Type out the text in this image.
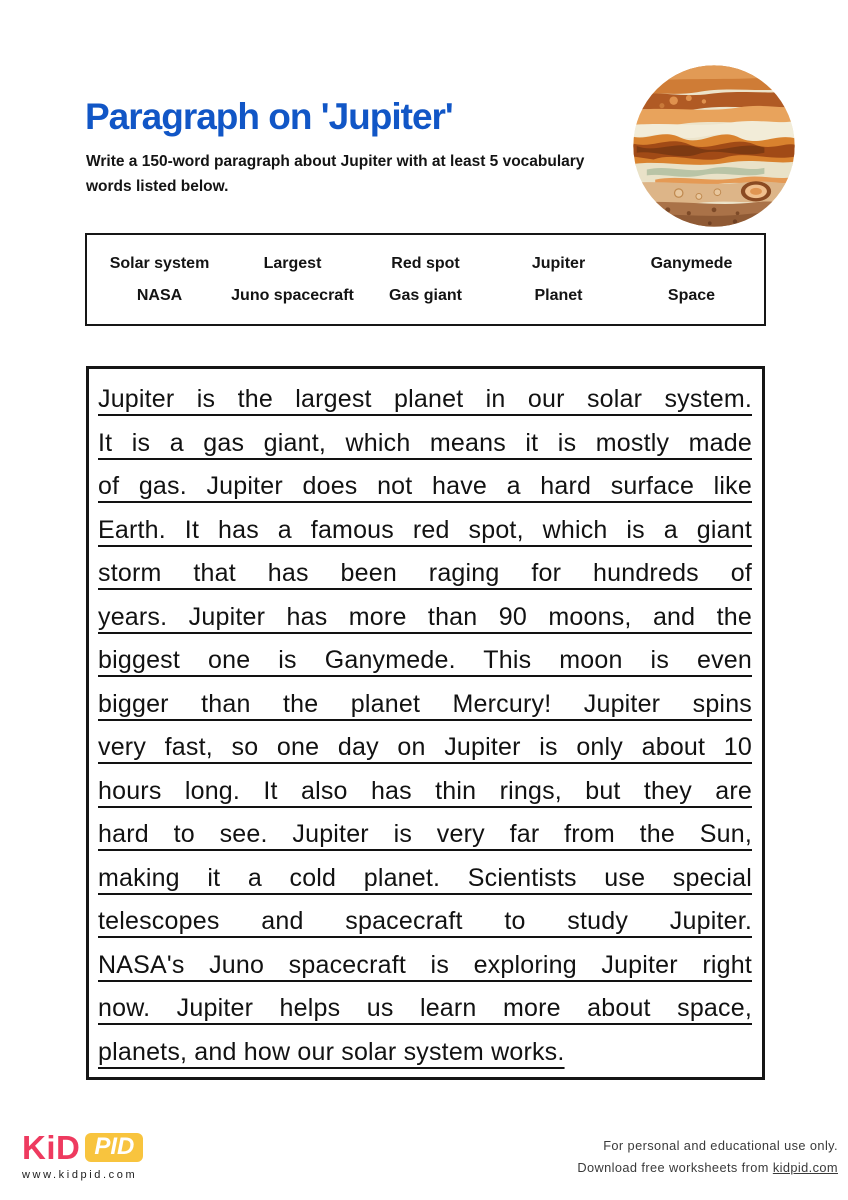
Paragraph on 'Jupiter'

Write a 150-word paragraph about Jupiter with at least 5 vocabulary words listed below.

Solar system	Largest	Red spot	Jupiter	Ganymede
NASA	Juno spacecraft	Gas giant	Planet	Space
Jupiter is the largest planet in our solar system.
It is a gas giant, which means it is mostly made
of gas. Jupiter does not have a hard surface like
Earth. It has a famous red spot, which is a giant
storm that has been raging for hundreds of
years. Jupiter has more than 90 moons, and the
biggest one is Ganymede. This moon is even
bigger than the planet Mercury! Jupiter spins
very fast, so one day on Jupiter is only about 10
hours long. It also has thin rings, but they are
hard to see. Jupiter is very far from the Sun,
making it a cold planet. Scientists use special
telescopes and spacecraft to study Jupiter.
NASA's Juno spacecraft is exploring Jupiter right
now. Jupiter helps us learn more about space,
planets, and how our solar system works.
KiD PID
www.kidpid.com
For personal and educational use only.
Download free worksheets from kidpid.com
